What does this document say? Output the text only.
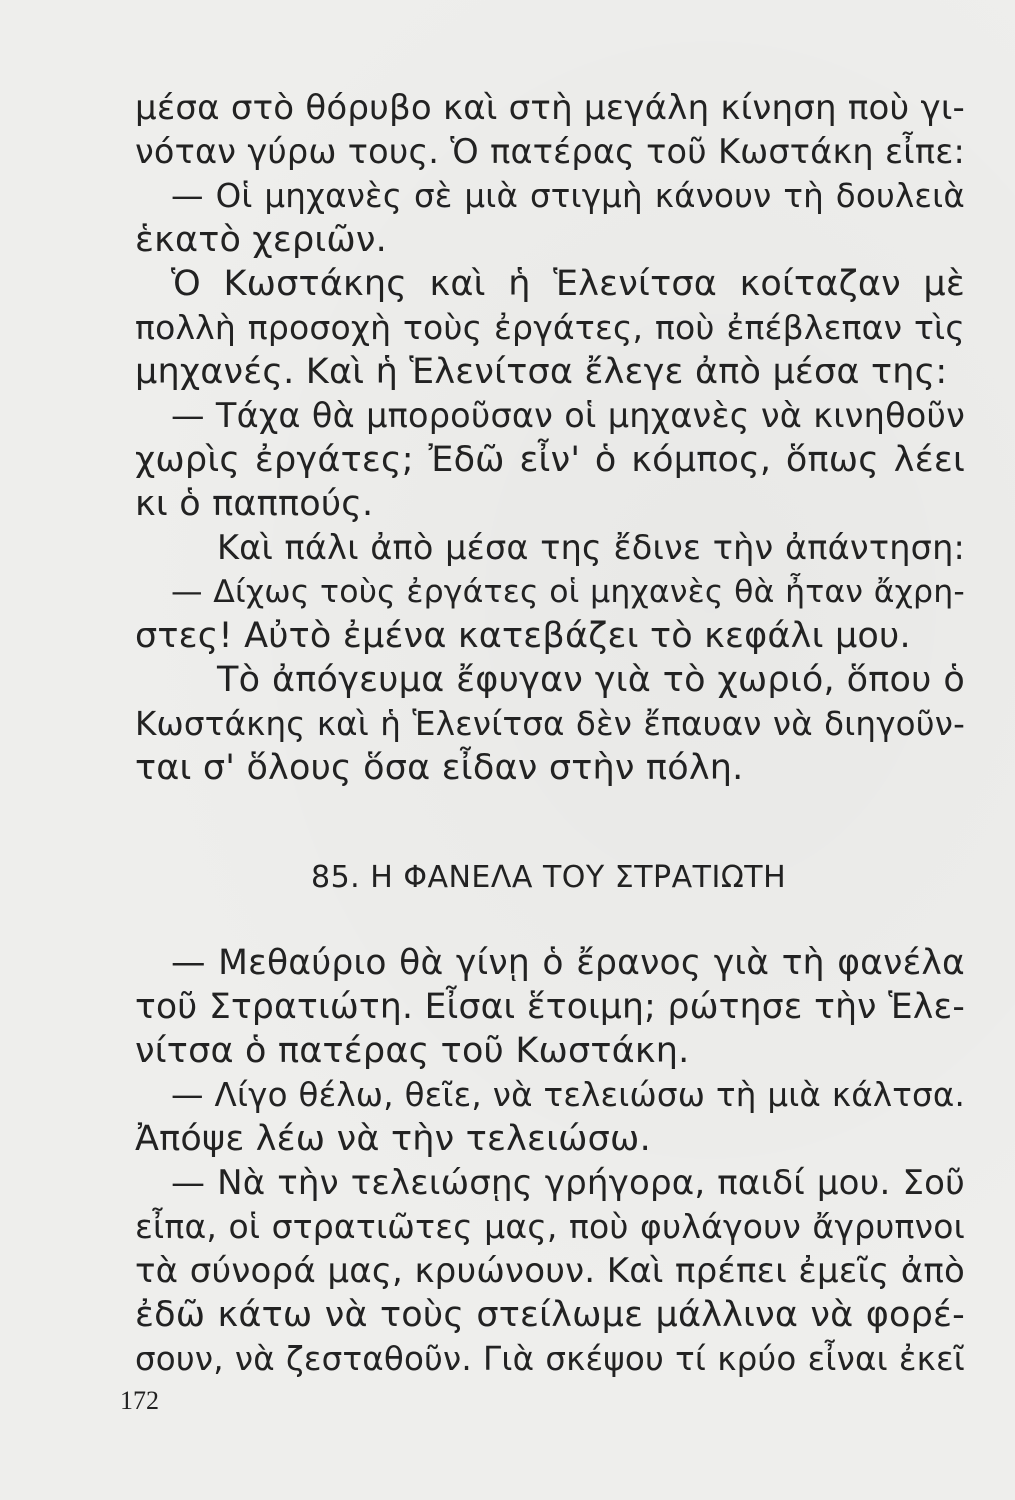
μέσα στὸ θόρυβο καὶ στὴ μεγάλη κίνηση ποὺ γι-
νόταν γύρω τους. Ὁ πατέρας τοῦ Κωστάκη εἶπε:
— Οἱ μηχανὲς σὲ μιὰ στιγμὴ κάνουν τὴ δουλειὰ
ἑκατὸ χεριῶν.
Ὁ Κωστάκης καὶ ἡ Ἑλενίτσα κοίταζαν μὲ
πολλὴ προσοχὴ τοὺς ἐργάτες, ποὺ ἐπέβλεπαν τὶς
μηχανές. Καὶ ἡ Ἑλενίτσα ἔλεγε ἀπὸ μέσα της:
— Τάχα θὰ μποροῦσαν οἱ μηχανὲς νὰ κινηθοῦν
χωρὶς ἐργάτες; Ἐδῶ εἶν' ὁ κόμπος, ὅπως λέει
κι ὁ παππούς.
Καὶ πάλι ἀπὸ μέσα της ἔδινε τὴν ἀπάντηση:
— Δίχως τοὺς ἐργάτες οἱ μηχανὲς θὰ ἦταν ἄχρη-
στες! Αὐτὸ ἐμένα κατεβάζει τὸ κεφάλι μου.
Τὸ ἀπόγευμα ἔφυγαν γιὰ τὸ χωριό, ὅπου ὁ
Κωστάκης καὶ ἡ Ἑλενίτσα δὲν ἔπαυαν νὰ διηγοῦν-
ται σ' ὅλους ὅσα εἶδαν στὴν πόλη.
85. Η ΦΑΝΕΛΑ ΤΟΥ ΣΤΡΑΤΙΩΤΗ
— Μεθαύριο θὰ γίνῃ ὁ ἔρανος γιὰ τὴ φανέλα
τοῦ Στρατιώτη. Εἶσαι ἕτοιμη; ρώτησε τὴν Ἑλε-
νίτσα ὁ πατέρας τοῦ Κωστάκη.
— Λίγο θέλω, θεῖε, νὰ τελειώσω τὴ μιὰ κάλτσα.
Ἀπόψε λέω νὰ τὴν τελειώσω.
— Νὰ τὴν τελειώσῃς γρήγορα, παιδί μου. Σοῦ
εἶπα, οἱ στρατιῶτες μας, ποὺ φυλάγουν ἄγρυπνοι
τὰ σύνορά μας, κρυώνουν. Καὶ πρέπει ἐμεῖς ἀπὸ
ἐδῶ κάτω νὰ τοὺς στείλωμε μάλλινα νὰ φορέ-
σουν, νὰ ζεσταθοῦν. Γιὰ σκέψου τί κρύο εἶναι ἐκεῖ
172
